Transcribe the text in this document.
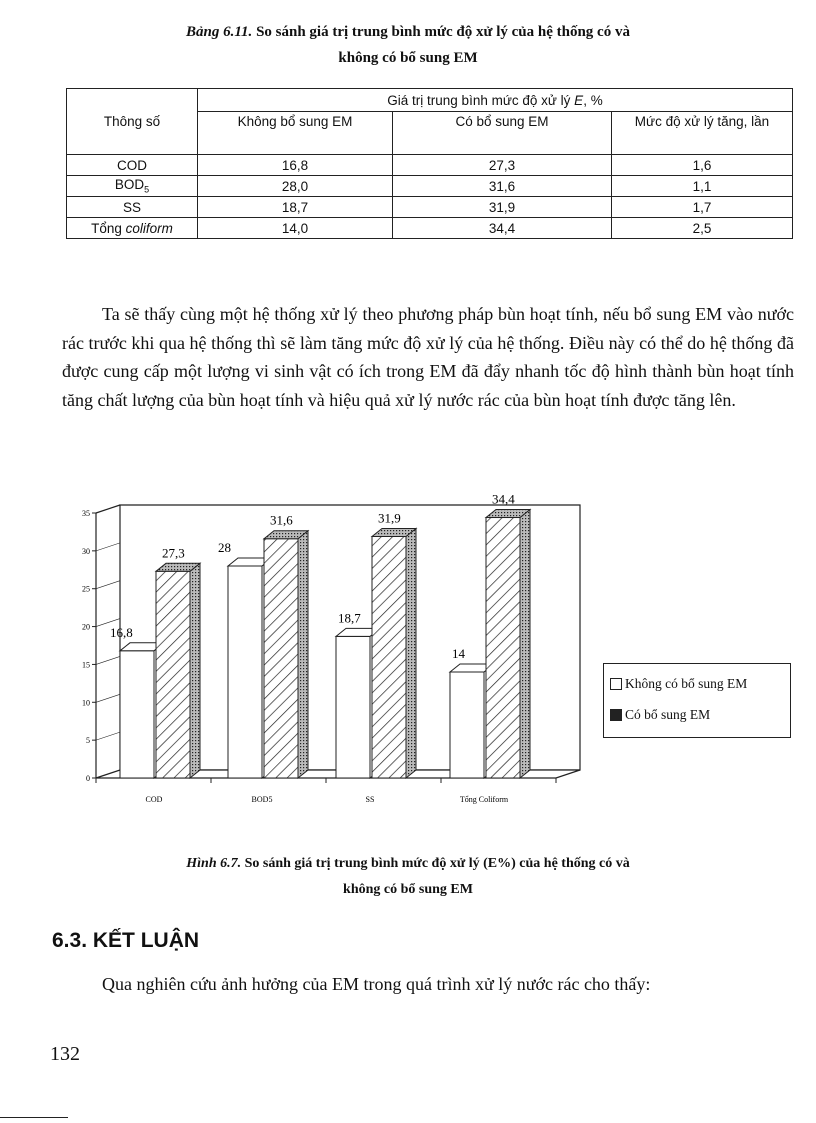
Bảng 6.11. So sánh giá trị trung bình mức độ xử lý của hệ thống có và
không có bổ sung EM
Thông số	Giá trị trung bình mức độ xử lý E, %		
	Không bổ sung EM	Có bổ sung EM	Mức độ xử lý tăng, lần
COD	16,8	27,3	1,6
$BOD_5$	28,0	31,6	1,1
SS	18,7	31,9	1,7
Tổng coliform	14,0	34,4	2,5

Ta sẽ thấy cùng một hệ thống xử lý theo phương pháp bùn hoạt tính, nếu bổ sung EM vào nước rác trước khi qua hệ thống thì sẽ làm tăng mức độ xử lý của hệ thống. Điều này có thể do hệ thống đã được cung cấp một lượng vi sinh vật có ích trong EM đã đẩy nhanh tốc độ hình thành bùn hoạt tính tăng chất lượng của bùn hoạt tính và hiệu quả xử lý nước rác của bùn hoạt tính được tăng lên.

0
5
10
15
20
25
30
35
16,8
27,3
COD
28
31,6
BOD5
18,7
31,9
SS
14
34,4
Tổng Coliform
Không có bổ sung EM
Có bổ sung EM
Hình 6.7. So sánh giá trị trung bình mức độ xử lý (E%) của hệ thống có và
không có bổ sung EM
6.3. KẾT LUẬN

Qua nghiên cứu ảnh hưởng của EM trong quá trình xử lý nước rác cho thấy:

132
